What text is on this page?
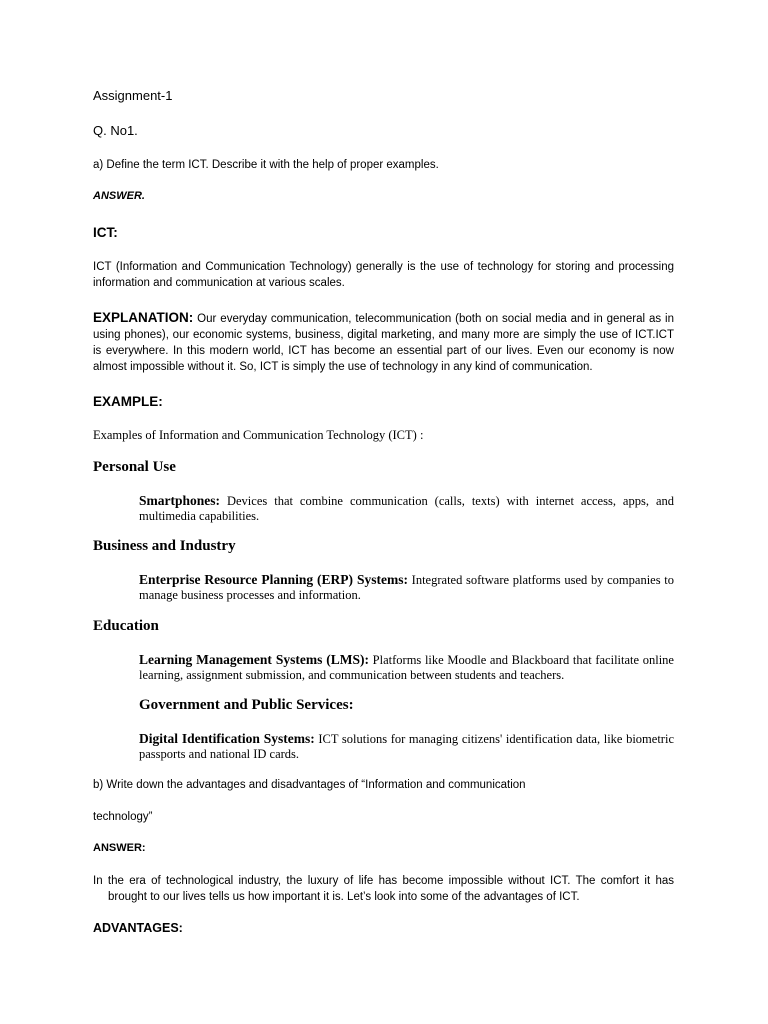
Assignment-1
Q. No1.
a) Define the term ICT. Describe it with the help of proper examples.
ANSWER.
ICT:
ICT (Information and Communication Technology) generally is the use of technology for storing and processing information and communication at various scales.
EXPLANATION: Our everyday communication, telecommunication (both on social media and in general as in using phones), our economic systems, business, digital marketing, and many more are simply the use of ICT.ICT is everywhere. In this modern world, ICT has become an essential part of our lives. Even our economy is now almost impossible without it. So, ICT is simply the use of technology in any kind of communication.
EXAMPLE:
Examples of Information and Communication Technology (ICT) :
Personal Use
Smartphones: Devices that combine communication (calls, texts) with internet access, apps, and multimedia capabilities.
Business and Industry
Enterprise Resource Planning (ERP) Systems: Integrated software platforms used by companies to manage business processes and information.
Education
Learning Management Systems (LMS): Platforms like Moodle and Blackboard that facilitate online learning, assignment submission, and communication between students and teachers.
Government and Public Services:
Digital Identification Systems: ICT solutions for managing citizens' identification data, like biometric passports and national ID cards.
b) Write down the advantages and disadvantages of “Information and communication
technology”
ANSWER:
In the era of technological industry, the luxury of life has become impossible without ICT. The comfort it has brought to our lives tells us how important it is. Let’s look into some of the advantages of ICT.
ADVANTAGES:
